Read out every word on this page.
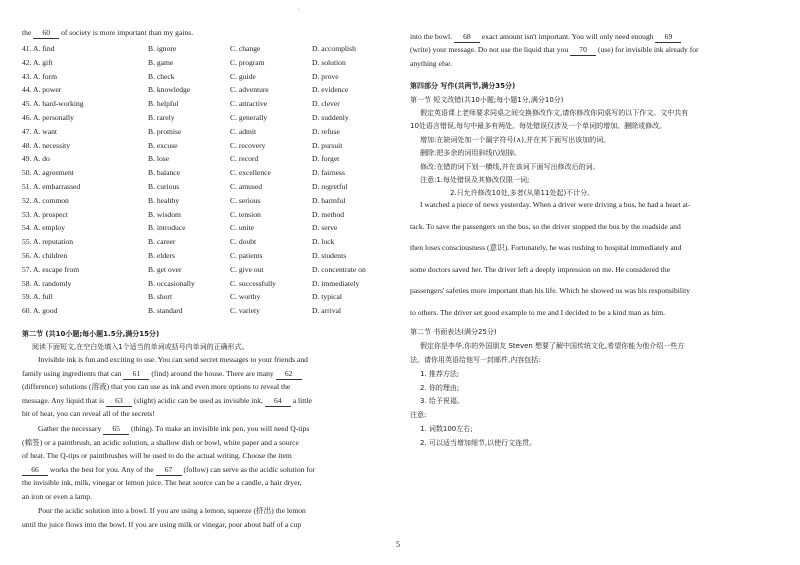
'
the 60 of society is more important than my gains.
41. A. find	B. ignore	C. change	D. accomplish
42. A. gift	B. game	C. program	D. solution
43. A. form	B. check	C. guide	D. prove
44. A. power	B. knowledge	C. adventure	D. evidence
45. A. hard-working	B. helpful	C. attractive	D. clever
46. A. personally	B. rarely	C. generally	D. suddenly
47. A. want	B. promise	C. admit	D. refuse
48. A. necessity	B. excuse	C. recovery	D. pursuit
49. A. do	B. lose	C. record	D. forget
50. A. agreement	B. balance	C. excellence	D. fairness
51. A. embarrassed	B. curious	C. amused	D. regretful
52. A. common	B. healthy	C. serious	D. harmful
53. A. prospect	B. wisdom	C. tension	D. method
54. A. employ	B. introduce	C. unite	D. serve
55. A. reputation	B. career	C. doubt	D. luck
56. A. children	B. elders	C. patients	D. students
57. A. escape from	B. get over	C. give out	D. concentrate on
58. A. randomly	B. occasionally	C. successfully	D. immediately
59. A. full	B. short	C. worthy	D. typical
60. A. good	B. standard	C. variety	D. arrival
第二节 (共10小题;每小题1.5分,满分15分)
阅读下面短文,在空白处填入1个适当的单词或括号内单词的正确形式。
Invisible ink is fun and exciting to use. You can send secret messages to your friends and
family using ingredients that can 61 (find) around the house. There are many 62
(difference) solutions (溶液) that you can use as ink and even more options to reveal the
message. Any liquid that is 63 (slight) acidic can be used as invisible ink, 64 a little
bit of heat, you can reveal all of the secrets!
Gather the necessary 65 (thing). To make an invisible ink pen, you will need Q-tips
(棉签) or a paintbrush, an acidic solution, a shallow dish or bowl, white paper and a source
of heat. The Q-tips or paintbrushes will be used to do the actual writing. Choose the item
66 works the best for you. Any of the 67 (follow) can serve as the acidic solution for
the invisible ink, milk, vinegar or lemon juice. The heat source can be a candle, a hair dryer,
an iron or even a lamp.
Pour the acidic solution into a bowl. If you are using a lemon, squeeze (挤出) the lemon
until the juice flows into the bowl. If you are using milk or vinegar, pour about half of a cup
into the bowl. 68 exact amount isn't important. You will only need enough 69
(write) your message. Do not use the liquid that you 70 (use) for invisible ink already for
anything else.
第四部分 写作(共两节,满分35分)
第一节 短文改错(共10小题;每小题1分,满分10分)
假定英语课上老师要求同桌之间交换修改作文,请你修改你同桌写的以下作文。文中共有
10处语言错误,每句中最多有两处。每处错误仅涉及一个单词的增加、删除或修改。
增加:在缺词处加一个漏字符号(∧),并在其下面写出该加的词。
删除:把多余的词用斜线(\)划掉。
修改:在错的词下划一横线,并在该词下面写出修改后的词。
注意:1.每处错误及其修改仅限一词;
2.只允许修改10处,多者(从第11处起)不计分。
I watched a piece of news yesterday. When a driver were driving a bus, he had a heart at-
tack. To save the passengers on the bus, so the driver stopped the bus by the roadside and
then loses consciousness (意识). Fortunately, he was rushing to hospital immediately and
some doctors saved her. The driver left a deeply impression on me. He considered the
passengers' safeties more important than his life. Which he showed us was his responsibility
to others. The driver set good example to me and I decided to be a kind man as him.
第二节 书面表达(满分25分)
假定你是李华,你的外国朋友 Steven 想要了解中国传统文化,希望你能为他介绍一些方
法。请你用英语给他写一封邮件,内容包括:
1. 推荐方法;
2. 你的理由;
3. 给予祝福。
注意:
1. 词数100左右;
2. 可以适当增加细节,以使行文连贯。
5
